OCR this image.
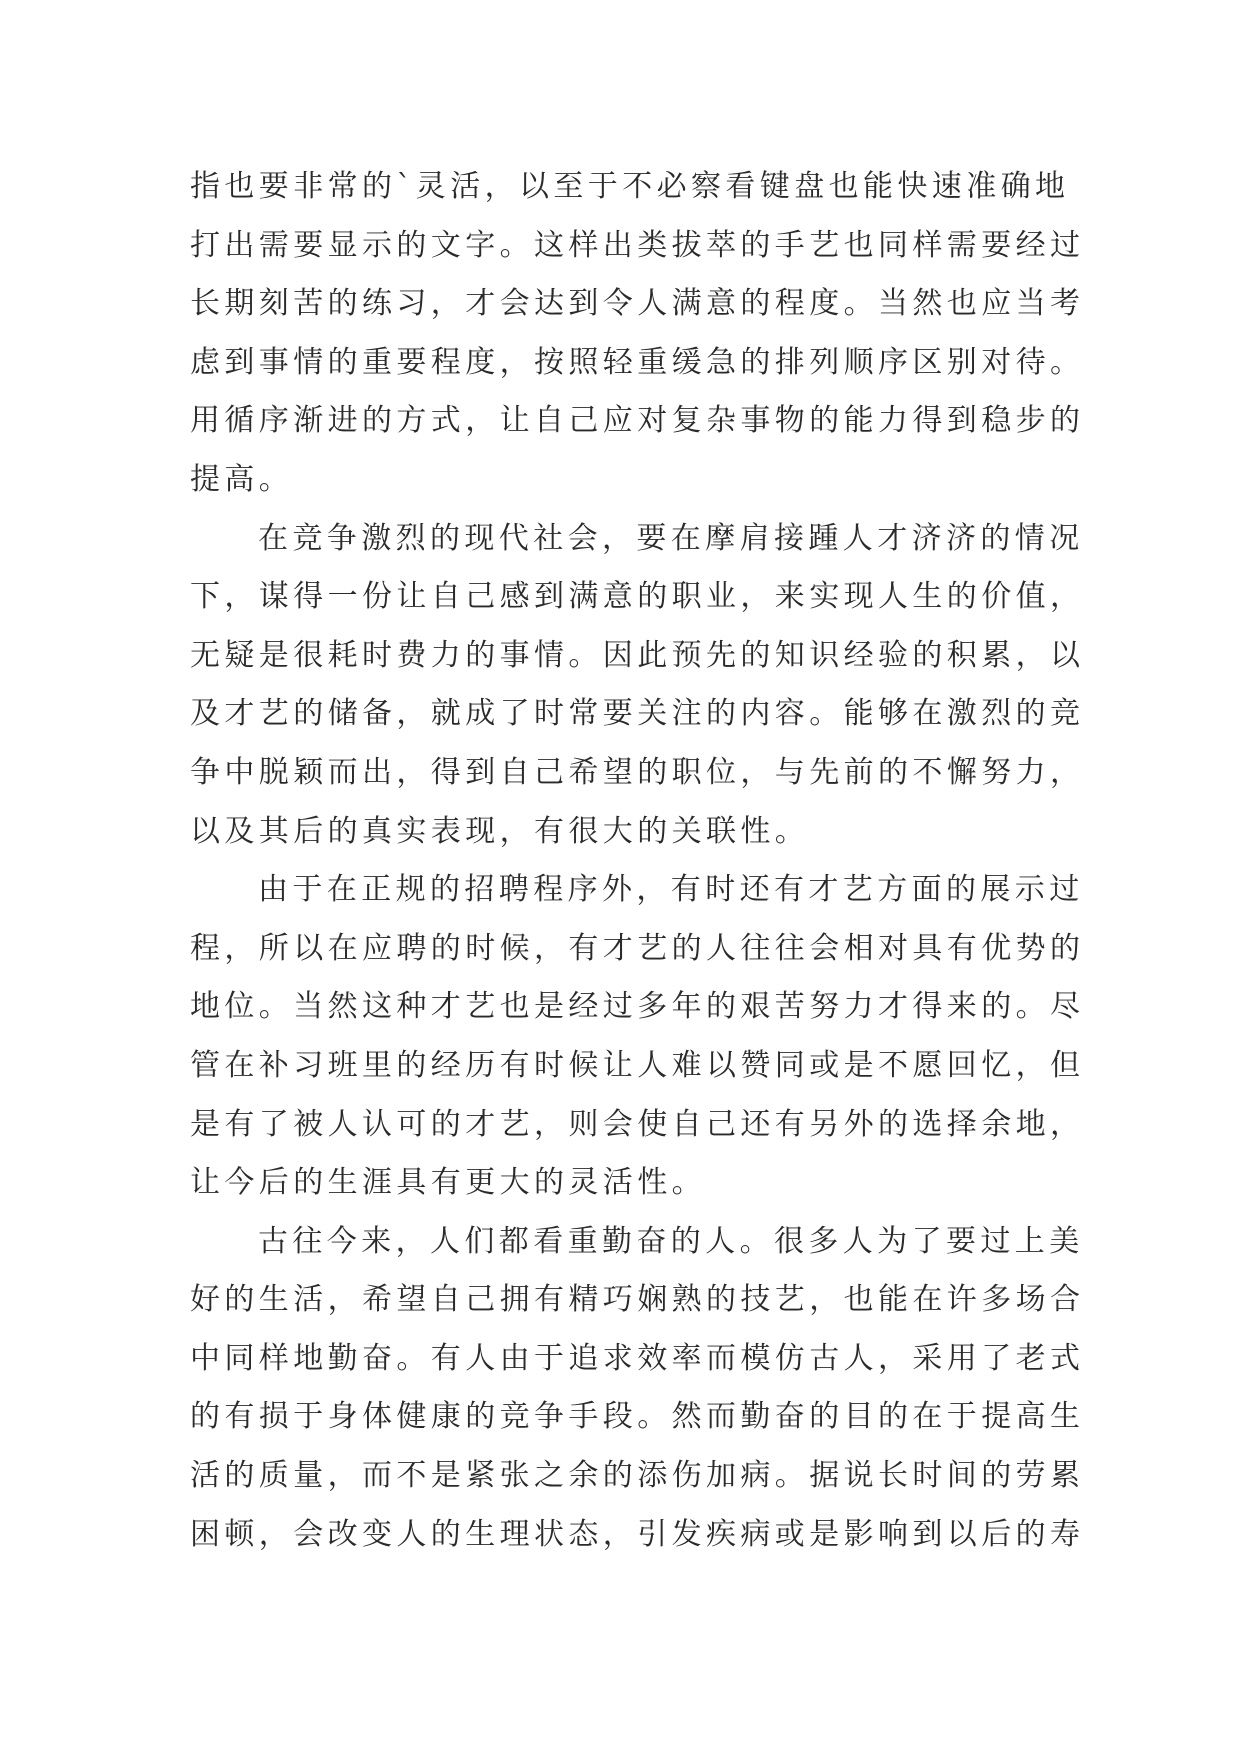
指也要非常的`灵活，以至于不必察看键盘也能快速准确地
打出需要显示的文字。这样出类拔萃的手艺也同样需要经过
长期刻苦的练习，才会达到令人满意的程度。当然也应当考
虑到事情的重要程度，按照轻重缓急的排列顺序区别对待。
用循序渐进的方式，让自己应对复杂事物的能力得到稳步的
提高。
在竞争激烈的现代社会，要在摩肩接踵人才济济的情况
下，谋得一份让自己感到满意的职业，来实现人生的价值，
无疑是很耗时费力的事情。因此预先的知识经验的积累，以
及才艺的储备，就成了时常要关注的内容。能够在激烈的竞
争中脱颖而出，得到自己希望的职位，与先前的不懈努力，
以及其后的真实表现，有很大的关联性。
由于在正规的招聘程序外，有时还有才艺方面的展示过
程，所以在应聘的时候，有才艺的人往往会相对具有优势的
地位。当然这种才艺也是经过多年的艰苦努力才得来的。尽
管在补习班里的经历有时候让人难以赞同或是不愿回忆，但
是有了被人认可的才艺，则会使自己还有另外的选择余地，
让今后的生涯具有更大的灵活性。
古往今来，人们都看重勤奋的人。很多人为了要过上美
好的生活，希望自己拥有精巧娴熟的技艺，也能在许多场合
中同样地勤奋。有人由于追求效率而模仿古人，采用了老式
的有损于身体健康的竞争手段。然而勤奋的目的在于提高生
活的质量，而不是紧张之余的添伤加病。据说长时间的劳累
困顿，会改变人的生理状态，引发疾病或是影响到以后的寿
